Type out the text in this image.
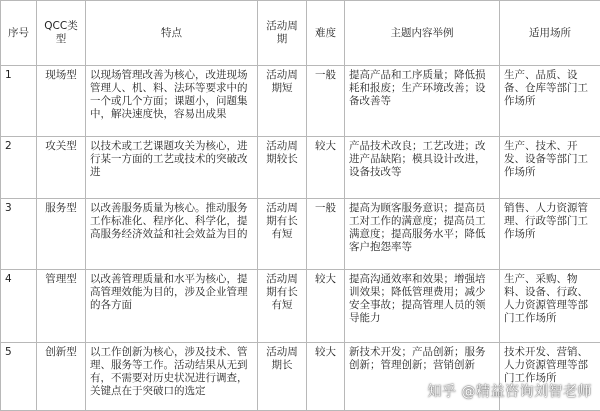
序号	QCC类型	特点	活动周期	难度	主题内容举例	适用场所
1	现场型	以现场管理改善为核心，改进现场管理人、机、料、法环等要求中的一个或几个方面；课题小，问题集中，解决速度快，容易出成果	活动周期短	一般	提高产品和工序质量；降低损耗和报废；生产环境改善；设备改善等	生产、品质、设备、仓库等部门工作场所
2	攻关型	以技术或工艺课题攻关为核心，进行某一方面的工艺或技术的突破改进	活动周期较长	较大	产品技术改良；工艺改进；改进产品缺陷；模具设计改进，设备技改等	生产、技术、开发、设备等部门工作场所
3	服务型	以改善服务质量为核心。推动服务工作标准化、程序化、科学化，提高服务经济效益和社会效益为目的	活动周期有长有短	一般	提高为顾客服务意识；提高员工对工作的满意度；提高员工满意度；提高服务水平；降低客户抱怨率等	销售、人力资源管理、行政等部门工作场所
4	管理型	以改善管理质量和水平为核心，提高管理效能为目的，涉及企业管理的各方面	活动周期有长有短	较大	提高沟通效率和效果；增强培训效果；降低管理费用；减少安全事故；提高管理人员的领导能力	生产、采购、物料、设备、行政、人力资源管理等部门工作场所
5	创新型	以工作创新为核心，涉及技术、管理、服务等工作。活动结果从无到有，不需要对历史状况进行调查，关键点在于突破口的选定	活动周期长	较大	新技术开发；产品创新；服务创新；管理创新；营销创新	技术开发、营销、人力资源管理等部门工作场所
知乎 @精益咨询刘智老师
